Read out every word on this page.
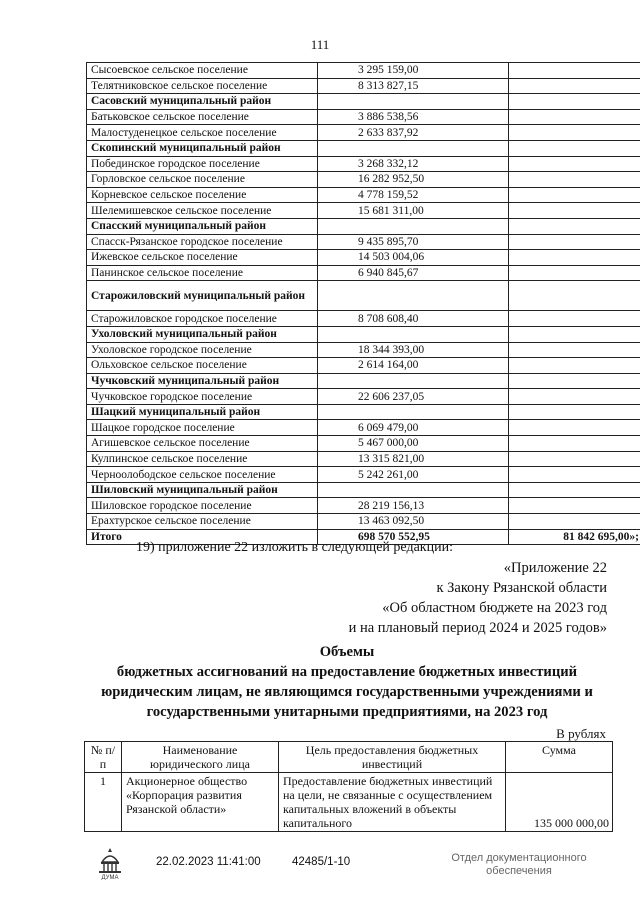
111
Сысоевское сельское поселение	3 295 159,00	
Телятниковское сельское поселение	8 313 827,15	
Сасовский муниципальный район		
Батьковское сельское поселение	3 886 538,56	
Малостуденецкое сельское поселение	2 633 837,92	
Скопинский муниципальный район		
Побединское городское поселение	3 268 332,12	
Горловское сельское поселение	16 282 952,50	
Корневское сельское поселение	4 778 159,52	
Шелемишевское сельское поселение	15 681 311,00	
Спасский муниципальный район		
Спасск-Рязанское городское поселение	9 435 895,70	
Ижевское сельское поселение	14 503 004,06	
Панинское сельское поселение	6 940 845,67	
Старожиловский муниципальный район		
Старожиловское городское поселение	8 708 608,40	
Ухоловский муниципальный район		
Ухоловское городское поселение	18 344 393,00	
Ольховское сельское поселение	2 614 164,00	
Чучковский муниципальный район		
Чучковское городское поселение	22 606 237,05	
Шацкий муниципальный район		
Шацкое городское поселение	6 069 479,00	
Агишевское сельское поселение	5 467 000,00	
Кулпинское сельское поселение	13 315 821,00	
Черноолободское сельское поселение	5 242 261,00	
Шиловский муниципальный район		
Шиловское городское поселение	28 219 156,13	
Ерахтурское сельское поселение	13 463 092,50	
Итого	698 570 552,95	81 842 695,00»;
19) приложение 22 изложить в следующей редакции:
«Приложение 22
к Закону Рязанской области
«Об областном бюджете на 2023 год
и на плановый период 2024 и 2025 годов»
Объемы
бюджетных ассигнований на предоставление бюджетных инвестиций
юридическим лицам, не являющимся государственными учреждениями и
государственными унитарными предприятиями, на 2023 год
В рублях
№ п/п	Наименование юридического лица	Цель предоставления бюджетных инвестиций	Сумма
1	Акционерное общество «Корпорация развития Рязанской области»	Предоставление бюджетных инвестиций на цели, не связанные с осуществлением капитальных вложений в объекты капитального	135 000 000,00
ДУМА
22.02.2023 11:41:00	42485/1-10	Отдел документационного обеспечения
